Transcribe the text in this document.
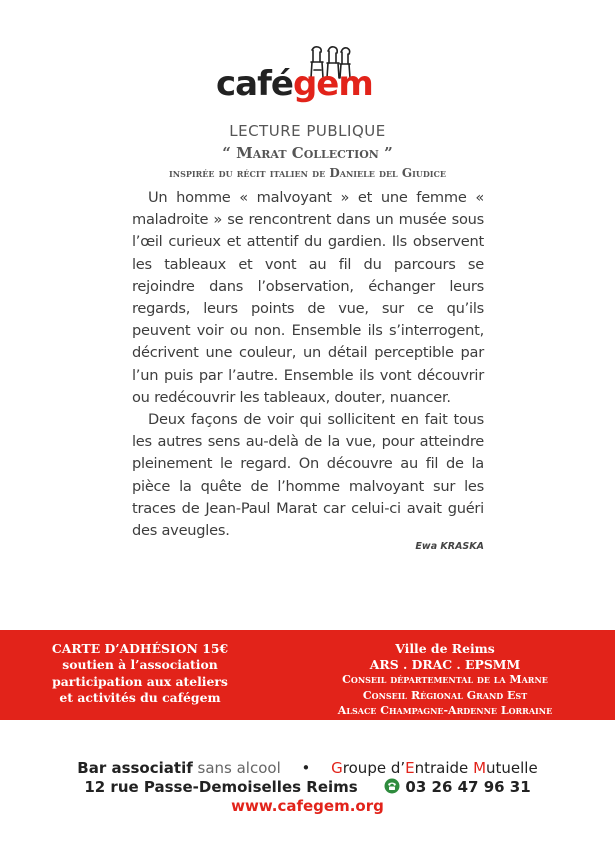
cafégem
LECTURE PUBLIQUE
“ Marat Collection ”
inspirée du récit italien de Daniele del Giudice

Un homme « malvoyant » et une femme « maladroite » se rencontrent dans un musée sous l’œil curieux et attentif du gardien. Ils observent les tableaux et vont au fil du parcours se rejoindre dans l’observation, échanger leurs regards, leurs points de vue, sur ce qu’ils peuvent voir ou non. Ensemble ils s’interrogent, décrivent une couleur, un détail perceptible par l’un puis par l’autre. Ensemble ils vont découvrir ou redécouvrir les tableaux, douter, nuancer.

Deux façons de voir qui sollicitent en fait tous les autres sens au-delà de la vue, pour atteindre pleinement le regard. On découvre au fil de la pièce la quête de l’homme malvoyant sur les traces de Jean-Paul Marat car celui-ci avait guéri des aveugles.

Ewa KRASKA
CARTE D’ADHÉSION 15€
soutien à l’association
participation aux ateliers
et activités du cafégem
Ville de Reims
ARS . DRAC . EPSMM
Conseil départemental de la Marne
Conseil Régional Grand Est
Alsace Champagne-Ardenne Lorraine
Bar associatif sans alcool • Groupe d’Entraide Mutuelle
12 rue Passe-Demoiselles Reims	03 26 47 96 31
www.cafegem.org
